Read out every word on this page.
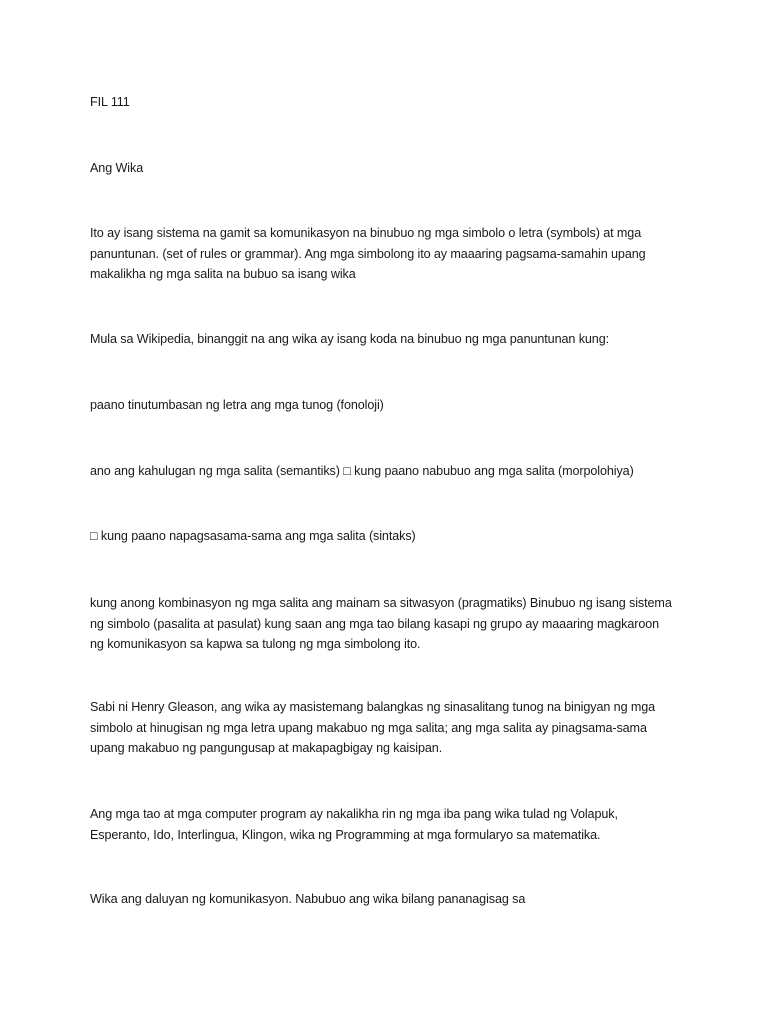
FIL 111

Ang Wika

Ito ay isang sistema na gamit sa komunikasyon na binubuo ng mga simbolo o letra (symbols) at mga
panuntunan. (set of rules or grammar). Ang mga simbolong ito ay maaaring pagsama-samahin upang
makalikha ng mga salita na bubuo sa isang wika

Mula sa Wikipedia, binanggit na ang wika ay isang koda na binubuo ng mga panuntunan kung:

paano tinutumbasan ng letra ang mga tunog (fonoloji)

ano ang kahulugan ng mga salita (semantiks) □ kung paano nabubuo ang mga salita (morpolohiya)

□ kung paano napagsasama-sama ang mga salita (sintaks)

kung anong kombinasyon ng mga salita ang mainam sa sitwasyon (pragmatiks) Binubuo ng isang sistema
ng simbolo (pasalita at pasulat) kung saan ang mga tao bilang kasapi ng grupo ay maaaring magkaroon
ng komunikasyon sa kapwa sa tulong ng mga simbolong ito.

Sabi ni Henry Gleason, ang wika ay masistemang balangkas ng sinasalitang tunog na binigyan ng mga
simbolo at hinugisan ng mga letra upang makabuo ng mga salita; ang mga salita ay pinagsama-sama
upang makabuo ng pangungusap at makapagbigay ng kaisipan.

Ang mga tao at mga computer program ay nakalikha rin ng mga iba pang wika tulad ng Volapuk,
Esperanto, Ido, Interlingua, Klingon, wika ng Programming at mga formularyo sa matematika.

Wika ang daluyan ng komunikasyon. Nabubuo ang wika bilang pananagisag sa
